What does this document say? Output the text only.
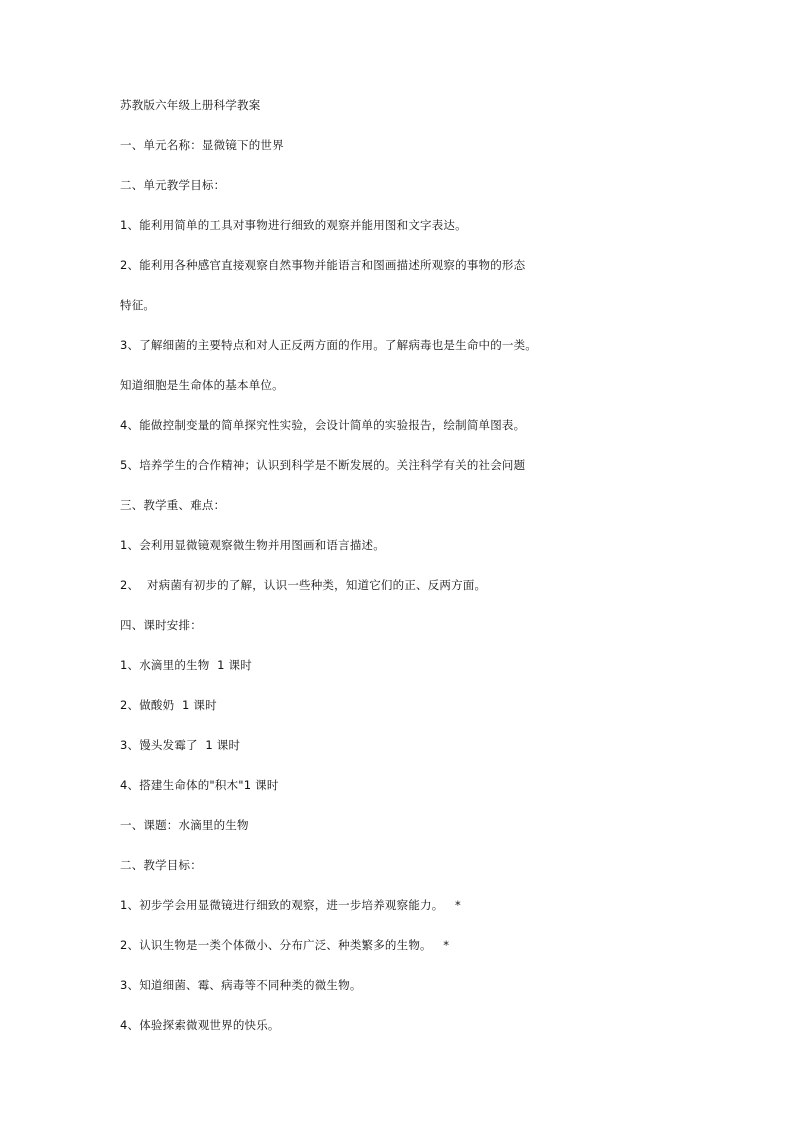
苏教版六年级上册科学教案
一、单元名称：显微镜下的世界
二、单元教学目标：
1、能利用简单的工具对事物进行细致的观察并能用图和文字表达。
2、能利用各种感官直接观察自然事物并能语言和图画描述所观察的事物的形态
特征。
3、了解细菌的主要特点和对人正反两方面的作用。了解病毒也是生命中的一类。
知道细胞是生命体的基本单位。
4、能做控制变量的简单探究性实验，会设计简单的实验报告，绘制简单图表。
5、培养学生的合作精神；认识到科学是不断发展的。关注科学有关的社会问题
三、教学重、难点：
1、会利用显微镜观察微生物并用图画和语言描述。
2、  对病菌有初步的了解，认识一些种类，知道它们的正、反两方面。
四、课时安排：
1、水滴里的生物  1 课时
2、做酸奶  1 课时
3、馒头发霉了  1 课时
4、搭建生命体的"积木"1 课时
一、课题：水滴里的生物
二、教学目标：
1、初步学会用显微镜进行细致的观察，进一步培养观察能力。   *
2、认识生物是一类个体微小、分布广泛、种类繁多的生物。   *
3、知道细菌、霉、病毒等不同种类的微生物。
4、体验探索微观世界的快乐。
